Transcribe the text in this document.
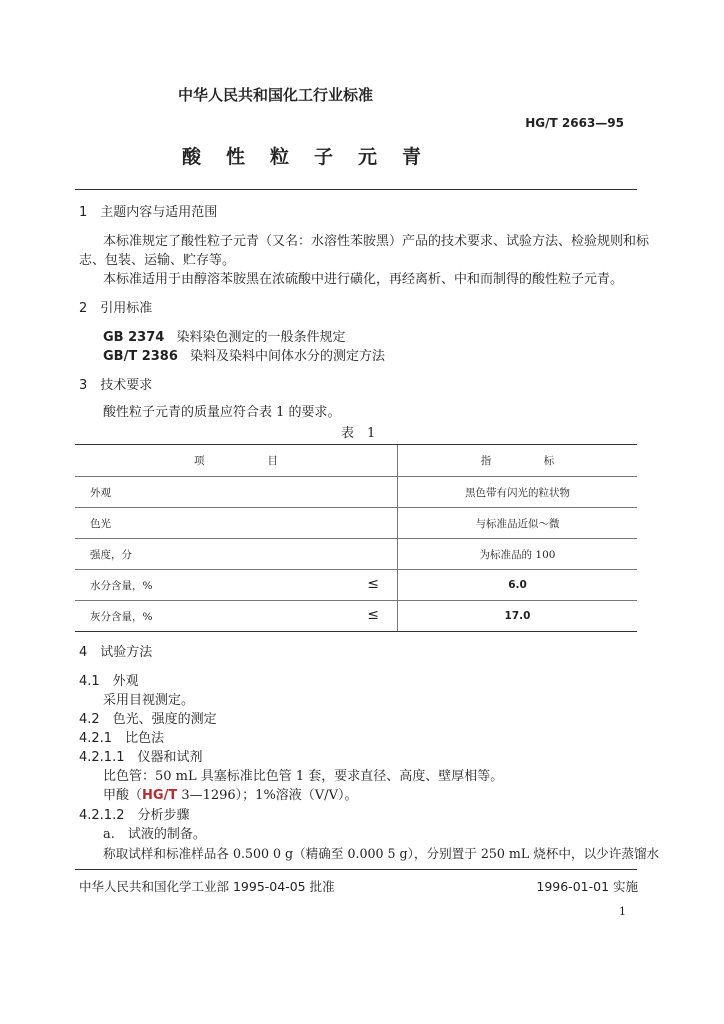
中华人民共和国化工行业标准
HG/T 2663—95
酸　性　粒　子　元　青
1　主题内容与适用范围
本标准规定了酸性粒子元青（又名：水溶性苯胺黑）产品的技术要求、试验方法、检验规则和标
志、包装、运输、贮存等。
本标准适用于由醇溶苯胺黑在浓硫酸中进行磺化，再经离析、中和而制得的酸性粒子元青。
2　引用标准
GB 2374 染料染色测定的一般条件规定
GB/T 2386 染料及染料中间体水分的测定方法
3　技术要求
酸性粒子元青的质量应符合表 1 的要求。
表　1
项　　　　　　目	指　　　　　标
外观	黑色带有闪光的粒状物
色光	与标准品近似～微
强度，分	为标准品的 100
水分含量，% ≤	6.0
灰分含量，% ≤	17.0
4　试验方法
4.1　外观
采用目视测定。
4.2　色光、强度的测定
4.2.1　比色法
4.2.1.1　仪器和试剂
比色管：50 mL 具塞标准比色管 1 套，要求直径、高度、壁厚相等。
甲酸（HG/T 3—1296）；1%溶液（V/V）。
4.2.1.2　分析步骤
a.　试液的制备。
称取试样和标准样品各 0.500 0 g（精确至 0.000 5 g），分别置于 250 mL 烧杯中，以少许蒸馏水
中华人民共和国化学工业部 1995-04-05 批准	1996-01-01 实施
1
